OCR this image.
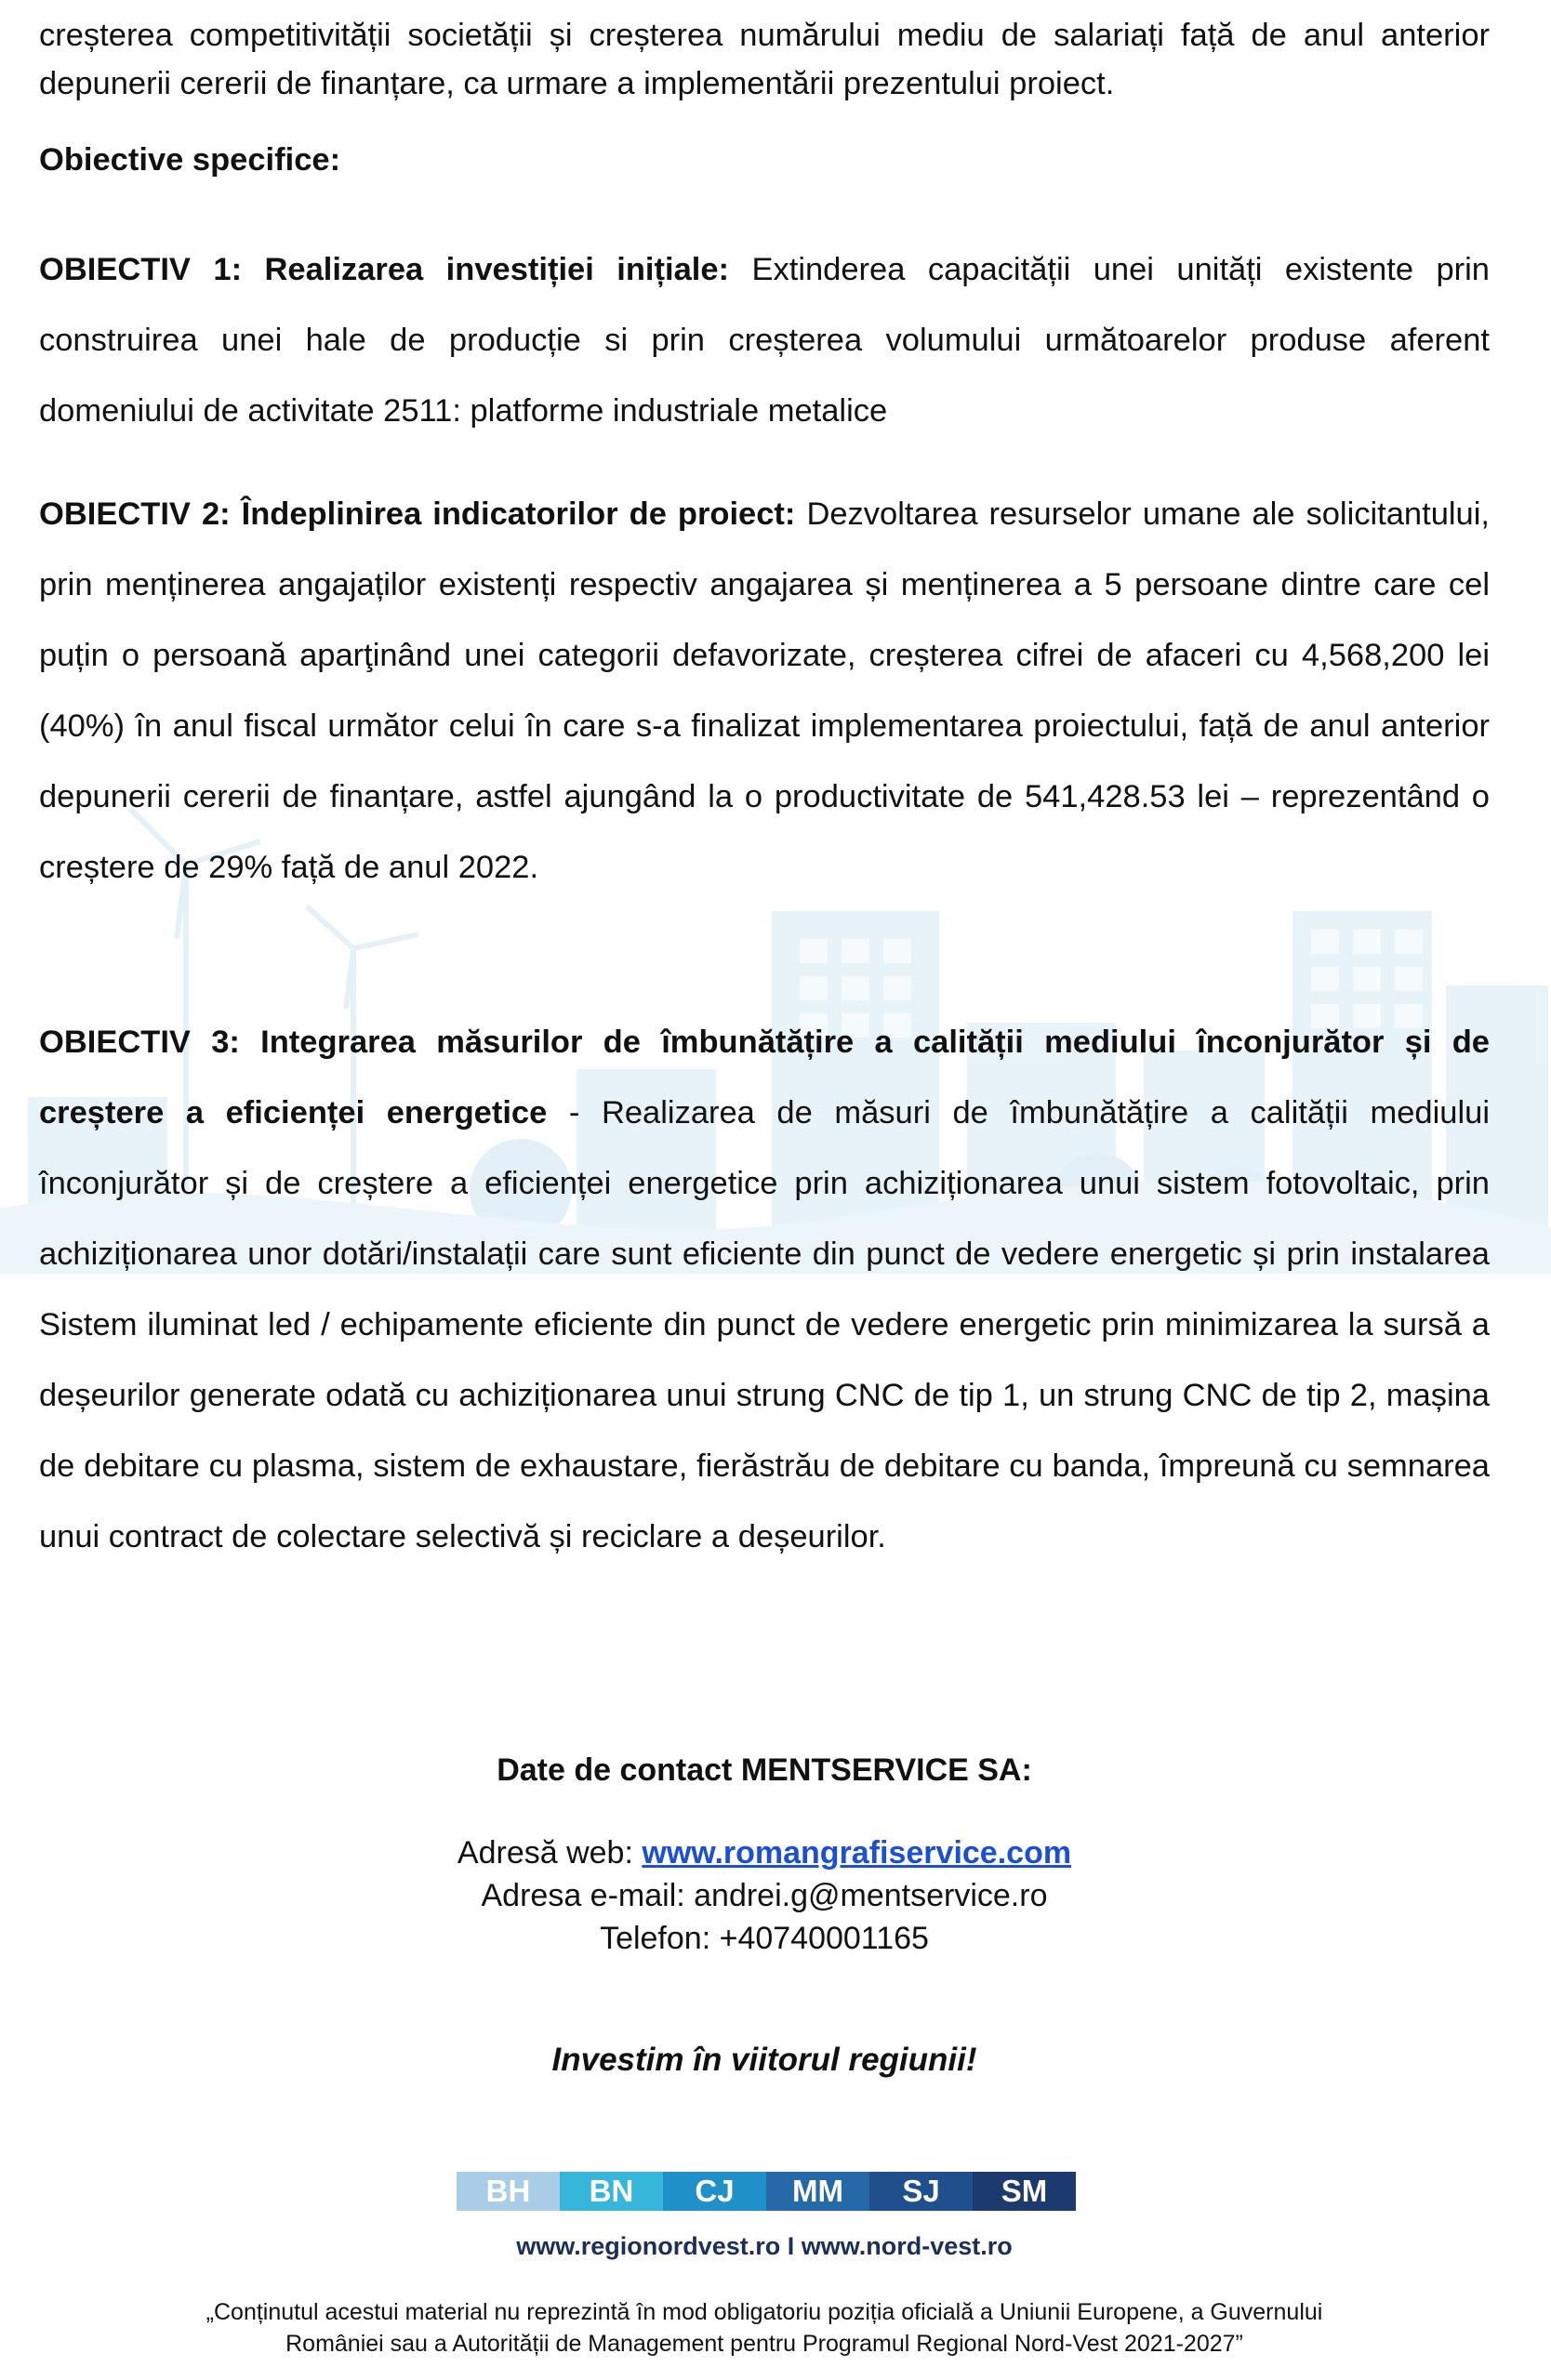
creșterea competitivității societății și creșterea numărului mediu de salariați față de anul anterior depunerii cererii de finanțare, ca urmare a implementării prezentului proiect.

Obiective specifice:

OBIECTIV 1: Realizarea investiției inițiale: Extinderea capacității unei unități existente prin construirea unei hale de producție si prin creșterea volumului următoarelor produse aferent domeniului de activitate 2511: platforme industriale metalice

OBIECTIV 2: Îndeplinirea indicatorilor de proiect: Dezvoltarea resurselor umane ale solicitantului, prin menținerea angajaților existenți respectiv angajarea și menținerea a 5 persoane dintre care cel puțin o persoană aparţinând unei categorii defavorizate, creșterea cifrei de afaceri cu 4,568,200 lei (40%) în anul fiscal următor celui în care s-a finalizat implementarea proiectului, față de anul anterior depunerii cererii de finanțare, astfel ajungând la o productivitate de 541,428.53 lei – reprezentând o creștere de 29% față de anul 2022.

OBIECTIV 3: Integrarea măsurilor de îmbunătățire a calității mediului înconjurător și de creștere a eficienței energetice - Realizarea de măsuri de îmbunătățire a calității mediului înconjurător și de creștere a eficienței energetice prin achiziționarea unui sistem fotovoltaic, prin achiziționarea unor dotări/instalații care sunt eficiente din punct de vedere energetic și prin instalarea Sistem iluminat led / echipamente eficiente din punct de vedere energetic prin minimizarea la sursă a deșeurilor generate odată cu achiziționarea unui strung CNC de tip 1, un strung CNC de tip 2, mașina de debitare cu plasma, sistem de exhaustare, fierăstrău de debitare cu banda, împreună cu semnarea unui contract de colectare selectivă și reciclare a deșeurilor.

Date de contact MENTSERVICE SA:
Adresă web: www.romangrafiservice.com
Adresa e-mail: andrei.g@mentservice.ro
Telefon: +40740001165
Investim în viitorul regiunii!
BH	BN	CJ	MM	SJ	SM
www.regionordvest.ro I www.nord-vest.ro
„Conținutul acestui material nu reprezintă în mod obligatoriu poziția oficială a Uniunii Europene, a Guvernului
României sau a Autorității de Management pentru Programul Regional Nord-Vest 2021-2027”
